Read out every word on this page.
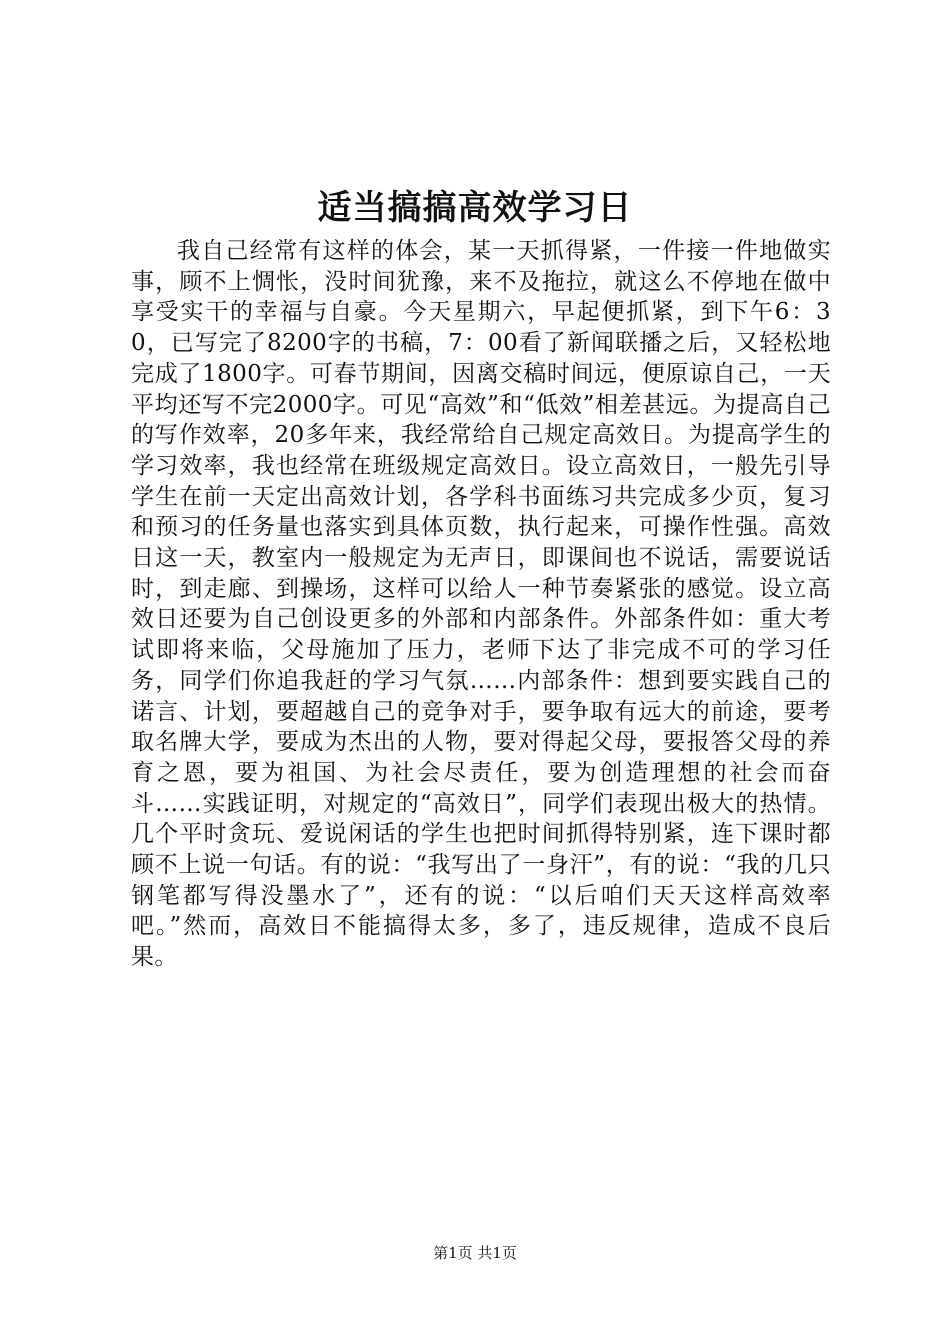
适当搞搞高效学习日

我自己经常有这样的体会，某一天抓得紧，一件接一件地做实事，顾不上惆怅，没时间犹豫，来不及拖拉，就这么不停地在做中享受实干的幸福与自豪。今天星期六，早起便抓紧，到下午6：30，已写完了8200字的书稿，7：00看了新闻联播之后，又轻松地完成了1800字。可春节期间，因离交稿时间远，便原谅自己，一天平均还写不完2000字。可见“高效”和“低效”相差甚远。为提高自己的写作效率，20多年来，我经常给自己规定高效日。为提高学生的学习效率，我也经常在班级规定高效日。设立高效日，一般先引导学生在前一天定出高效计划，各学科书面练习共完成多少页，复习和预习的任务量也落实到具体页数，执行起来，可操作性强。高效日这一天，教室内一般规定为无声日，即课间也不说话，需要说话时，到走廊、到操场，这样可以给人一种节奏紧张的感觉。设立高效日还要为自己创设更多的外部和内部条件。外部条件如：重大考试即将来临，父母施加了压力，老师下达了非完成不可的学习任务，同学们你追我赶的学习气氛……内部条件：想到要实践自己的诺言、计划，要超越自己的竞争对手，要争取有远大的前途，要考取名牌大学，要成为杰出的人物，要对得起父母，要报答父母的养育之恩，要为祖国、为社会尽责任，要为创造理想的社会而奋斗……实践证明，对规定的“高效日”，同学们表现出极大的热情。几个平时贪玩、爱说闲话的学生也把时间抓得特别紧，连下课时都顾不上说一句话。有的说：“我写出了一身汗”，有的说：“我的几只钢笔都写得没墨水了”，还有的说：“以后咱们天天这样高效率吧。”然而，高效日不能搞得太多，多了，违反规律，造成不良后果。

第1页 共1页
